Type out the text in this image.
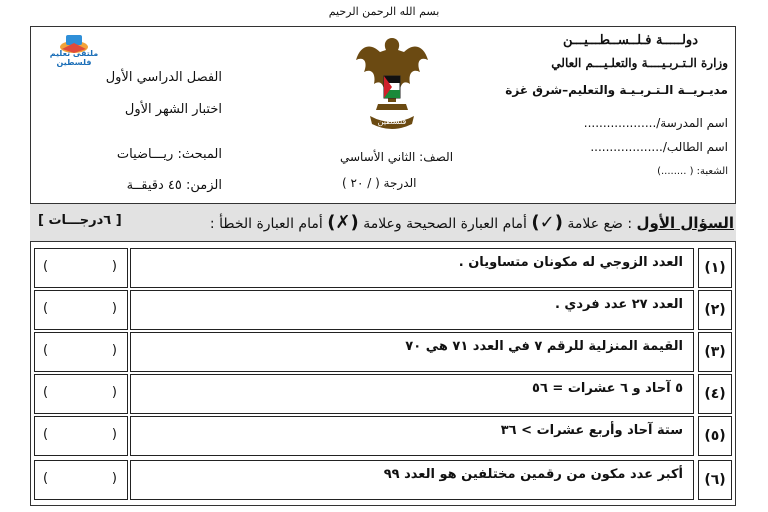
بسم الله الرحمن الرحيم
ملتقى تعليم فلسطين
دولـــــة فـلــســطـــيـــن
وزارة الـتـربـيــــة والتعلـيـــم العالي
مديـريــة الـتـربـيـة والتعليم–شرق غزة
اسم المدرسة/...................
اسم الطالب/...................
الشعبة: ( ........)
الفصل الدراسي الأول
اختبار الشهر الأول
المبحث: ريـــاضيات
الزمن: ٤٥ دقيقــة
فلسطين
الصف: الثاني الأساسي
الدرجة ( / ٢٠ )
السؤال الأول : ضع علامة (✓) أمام العبارة الصحيحة وعلامة (✗) أمام العبارة الخطأ :
[ ٦درجـــات ]
(١)
العدد الزوجي له مكونان متساويان .
)
(
(٢)
العدد ٢٧ عدد فردي .
)
(
(٣)
القيمة المنزلية للرقم ٧ في العدد ٧١ هي ٧٠
)
(
(٤)
٥ آحاد و ٦ عشرات = ٥٦
)
(
(٥)
ستة آحاد وأربع عشرات > ٣٦
)
(
(٦)
أكبر عدد مكون من رقمين مختلفين هو العدد ٩٩
)
(
